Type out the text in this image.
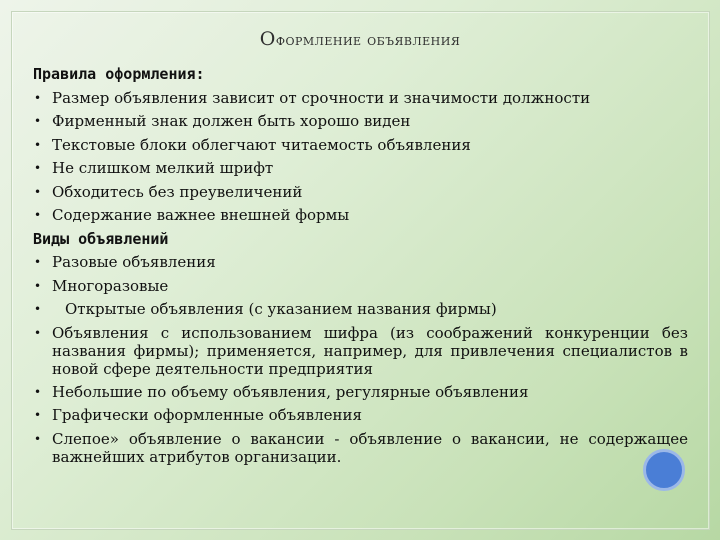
Оформление объявления
Правила оформления:
• Размер объявления зависит от срочности и значимости должности
• Фирменный знак должен быть хорошо виден
• Текстовые блоки облегчают читаемость объявления
• Не слишком мелкий шрифт
• Обходитесь без преувеличений
• Содержание важнее внешней формы
Виды объявлений
• Разовые объявления
• Многоразовые
• Открытые объявления (с указанием названия фирмы)
• Объявления с использованием шифра (из соображений конкуренции без названия фирмы); применяется, например, для привлечения специалистов в новой сфере деятельности предприятия
• Небольшие по объему объявления, регулярные объявления
• Графически оформленные объявления
• Слепое» объявление о вакансии - объявление о вакансии, не содержащее важнейших атрибутов организации.
